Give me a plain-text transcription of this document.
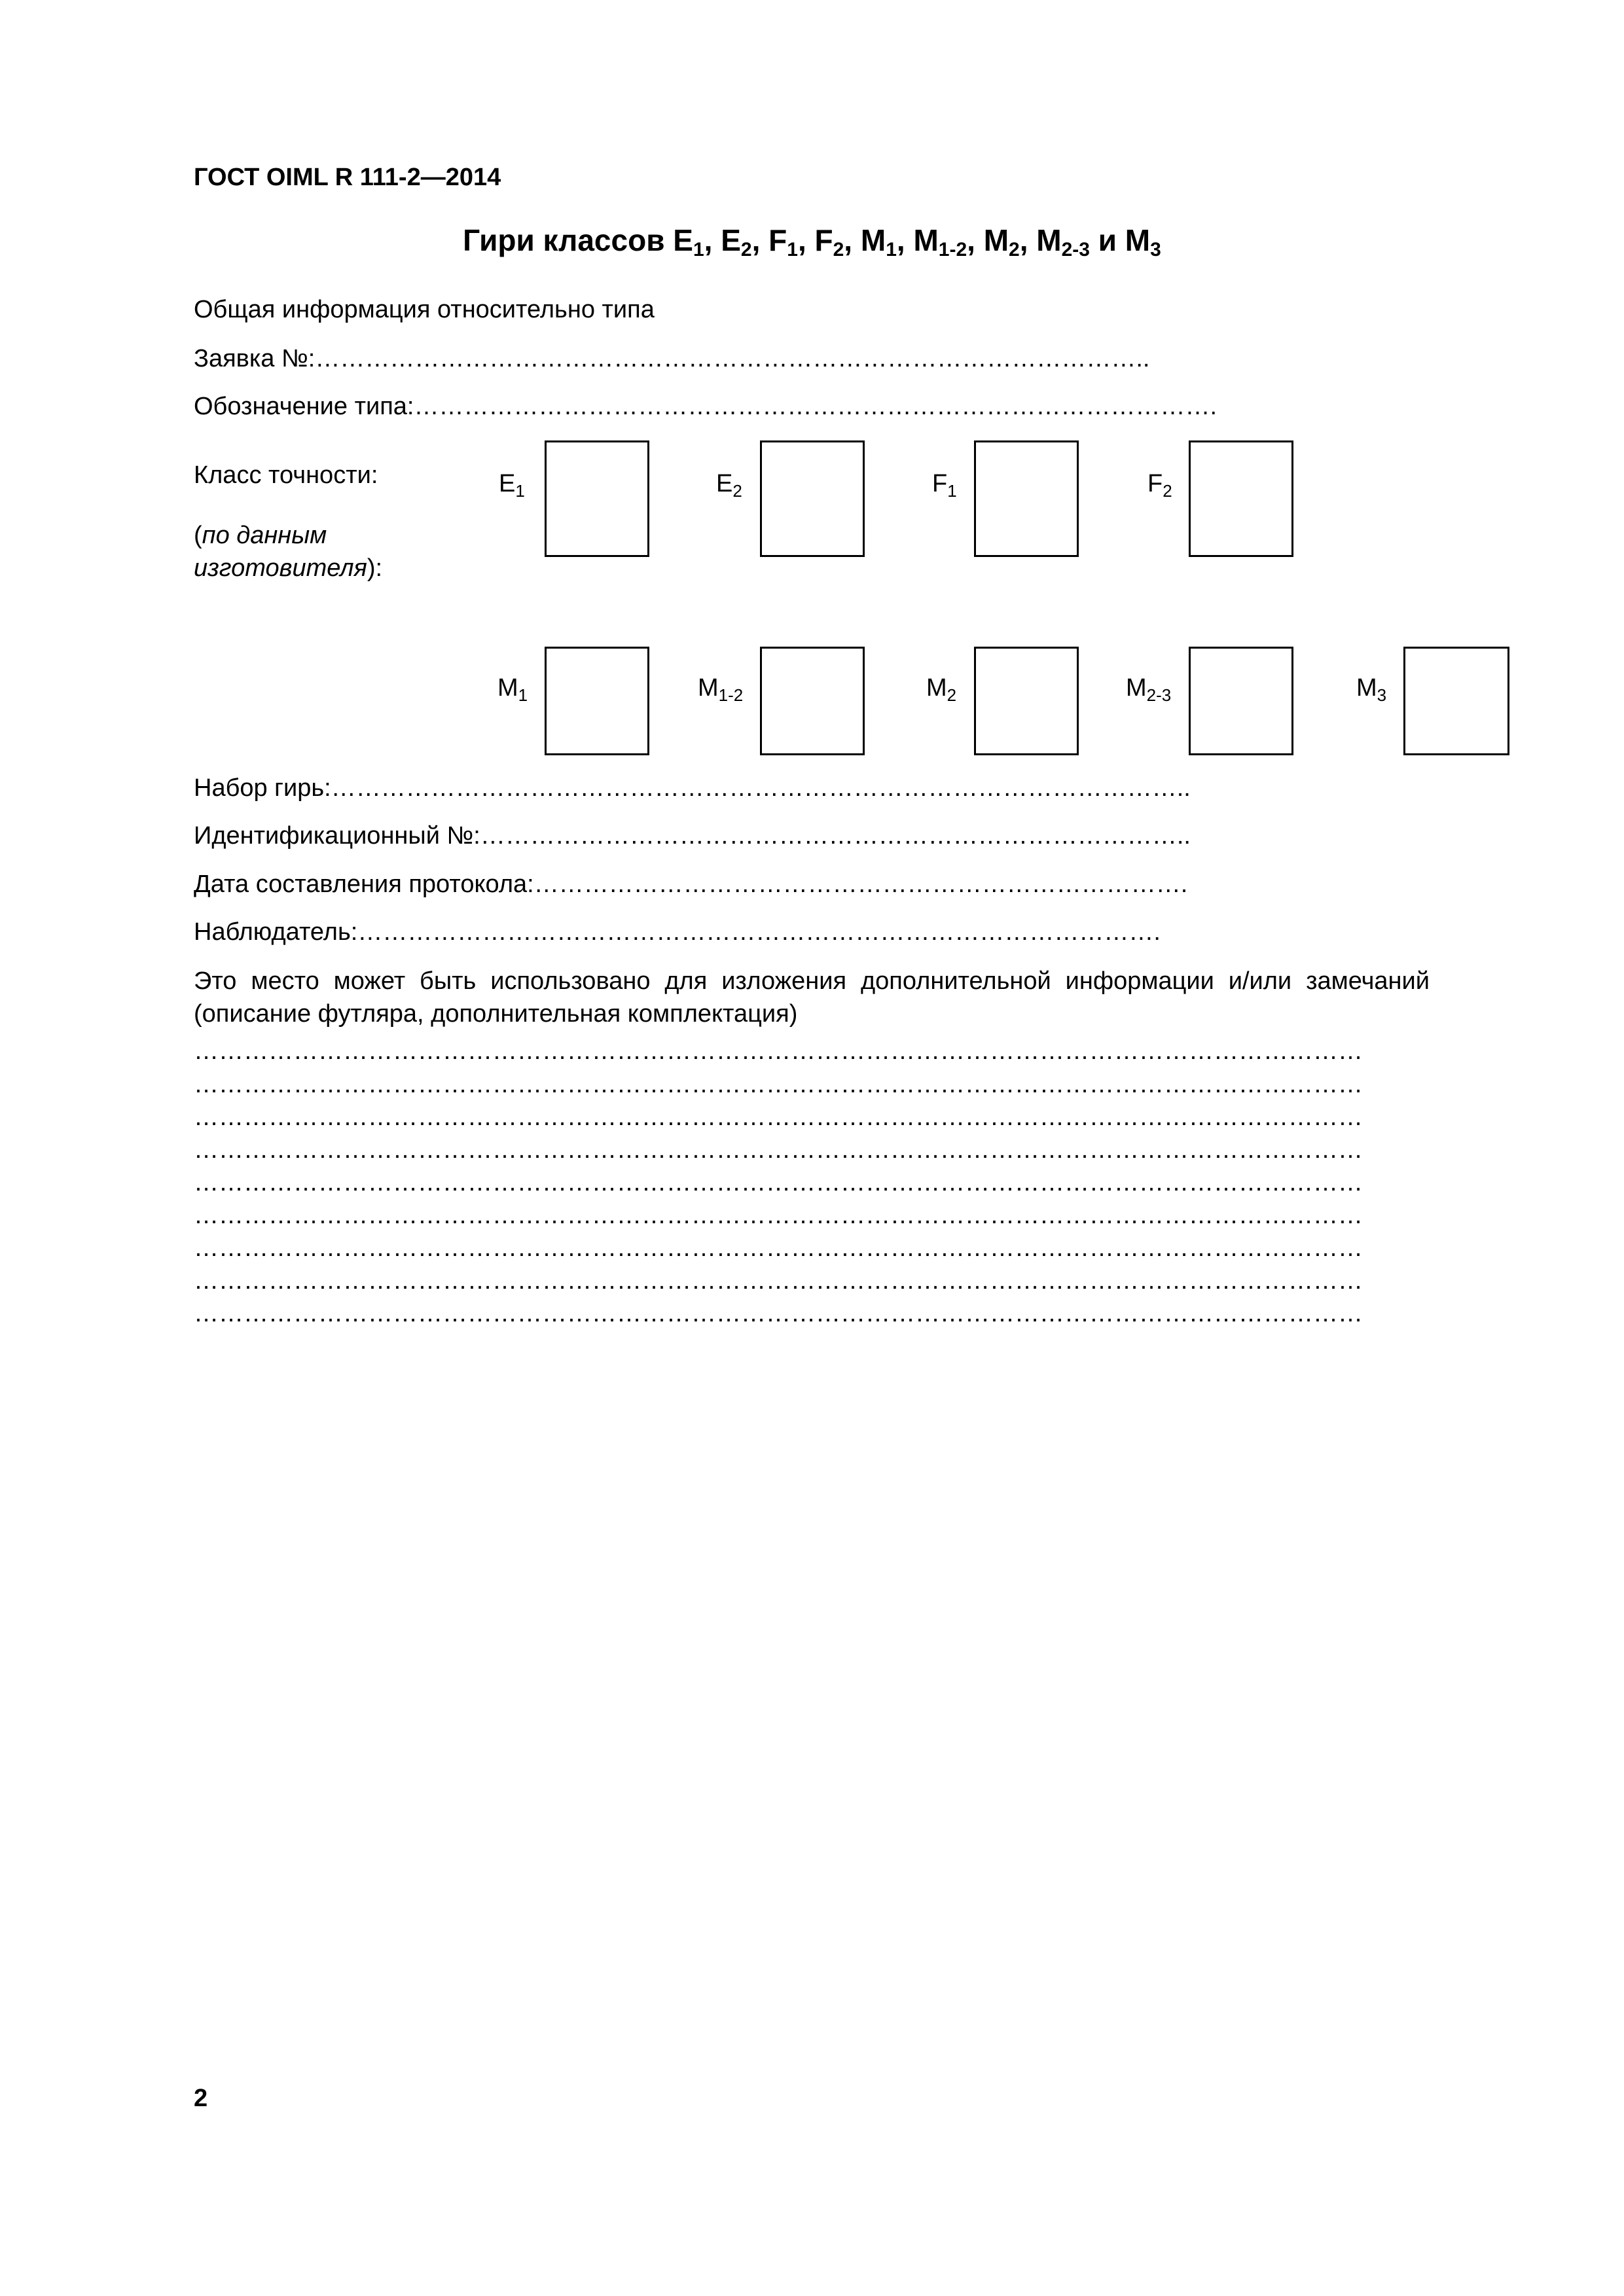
ГОСТ OIML R 111-2—2014
Гири классов $E_1$, $E_2$, $F_1$, $F_2$, $M_1$, $M_{1-2}$, $M_2$, $M_{2-3}$ и $M_3$
Общая информация относительно типа
Заявка №:………………………………………………………………………………………..
Обозначение типа:…………………………………………………………………………………….
Класс точности:
(по данным изготовителя):
$E_1$	$E_2$	$F_1$	$F_2$
$M_1$	$M_{1-2}$	$M_2$	$M_{2-3}$	$M_3$
Набор гирь:…………………………………………………………………………………………..
Идентификационный №:…………………………………………………………………………..
Дата составления протокола:…………………………………………………………………….
Наблюдатель:…………………………………………………………………………………….
Это место может быть использовано для изложения дополнительной информации и/или замечаний (описание футляра, дополнительная комплектация)
……………………………………………………………………………………………………………………………
……………………………………………………………………………………………………………………………
……………………………………………………………………………………………………………………………
……………………………………………………………………………………………………………………………
……………………………………………………………………………………………………………………………
……………………………………………………………………………………………………………………………
……………………………………………………………………………………………………………………………
……………………………………………………………………………………………………………………………
……………………………………………………………………………………………………………………………
2
